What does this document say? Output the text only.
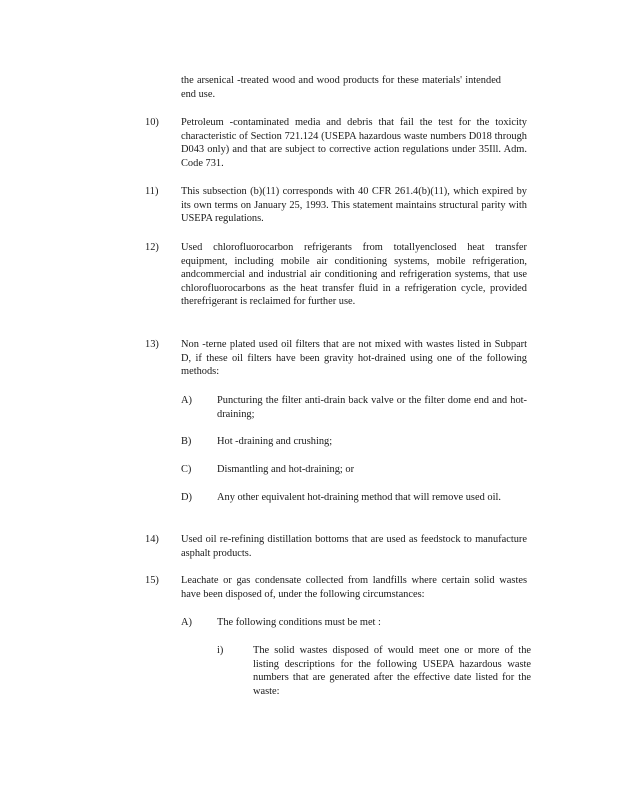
the arsenical -treated wood and wood products for these materials' intended end use.
10) Petroleum -contaminated media and debris that fail the test for the toxicity characteristic of Section 721.124 (USEPA hazardous waste numbers D018 through D043 only) and that are subject to corrective action regulations under 35Ill. Adm. Code 731.
11) This subsection (b)(11) corresponds with 40 CFR 261.4(b)(11), which expired by its own terms on January 25, 1993. This statement maintains structural parity with USEPA regulations.
12) Used chlorofluorocarbon refrigerants from totallyenclosed heat transfer equipment, including mobile air conditioning systems, mobile refrigeration, andcommercial and industrial air conditioning and refrigeration systems, that use chlorofluorocarbons as the heat transfer fluid in a refrigeration cycle, provided therefrigerant is reclaimed for further use.
13) Non -terne plated used oil filters that are not mixed with wastes listed in Subpart D, if these oil filters have been gravity hot-drained using one of the following methods:
A) Puncturing the filter anti-drain back valve or the filter dome end and hot-draining;
B) Hot -draining and crushing;
C) Dismantling and hot-draining; or
D) Any other equivalent hot-draining method that will remove used oil.
14) Used oil re-refining distillation bottoms that are used as feedstock to manufacture asphalt products.
15) Leachate or gas condensate collected from landfills where certain solid wastes have been disposed of, under the following circumstances:
A) The following conditions must be met :
i)	The solid wastes disposed of would meet one or more of the listing descriptions for the following USEPA hazardous waste numbers that are generated after the effective date listed for the waste:
